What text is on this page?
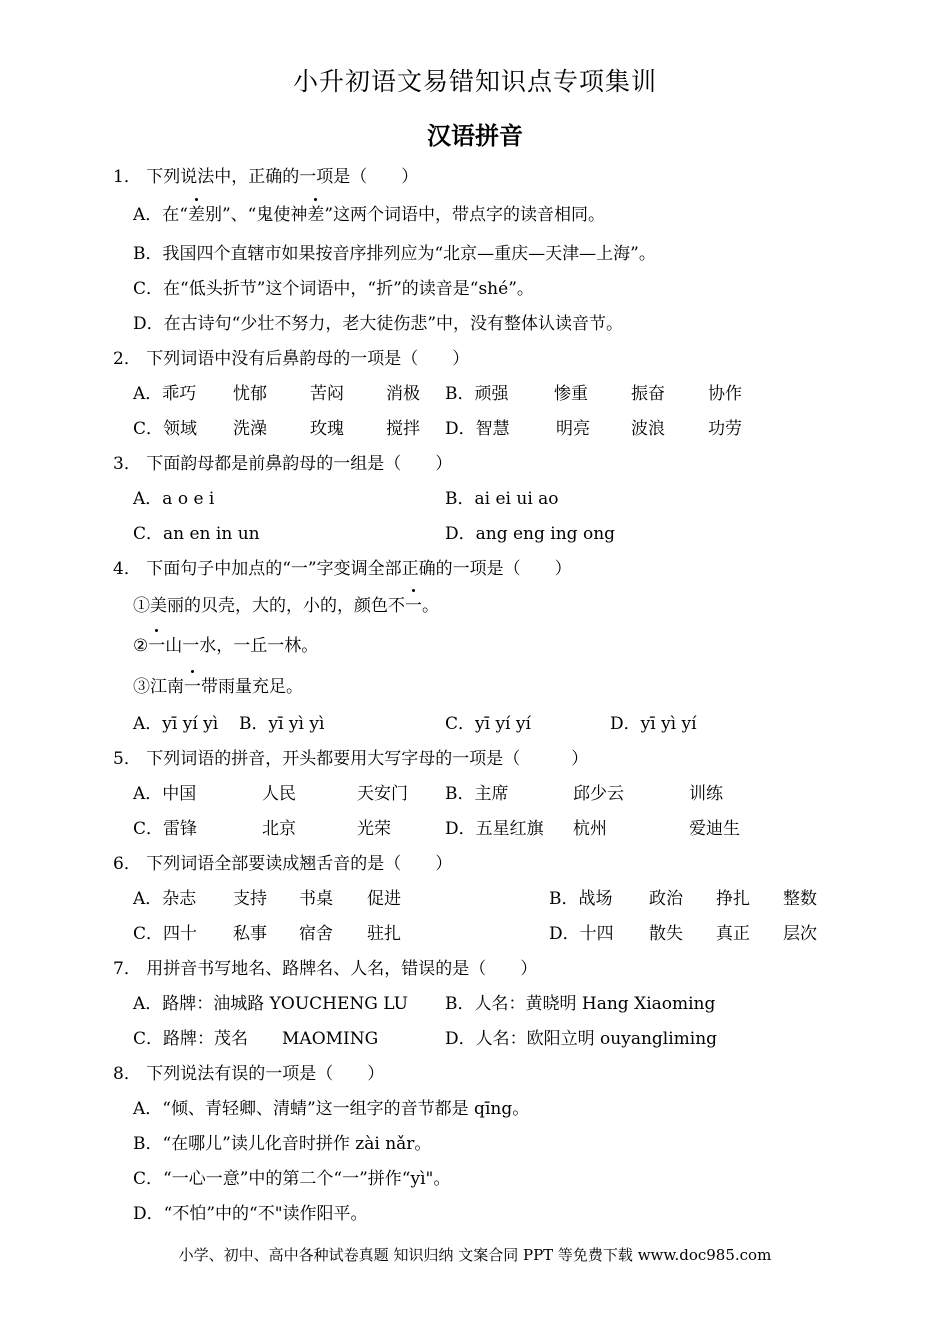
小升初语文易错知识点专项集训
汉语拼音
1． 下列说法中，正确的一项是（　　）
A．在“差别”、“鬼使神差”这两个词语中，带点字的读音相同。
B．我国四个直辖市如果按音序排列应为“北京—重庆—天津—上海”。
C．在“低头折节”这个词语中，“折”的读音是“shé”。
D．在古诗句“少壮不努力，老大徒伤悲”中，没有整体认读音节。
2． 下列词语中没有后鼻韵母的一项是（　　）
A．乖巧 忧郁	苦闷 消极 B．顽强	惨重	振奋	协作
C．领域 洗澡	玫瑰 搅拌 D．智慧	明亮 波浪	功劳
3． 下面韵母都是前鼻韵母的一组是（　　）
A．a o e i	B．ai ei ui ao
C．an en in un	D．ang eng ing ong
4． 下面句子中加点的“一”字变调全部正确的一项是（　　）
①美丽的贝壳，大的，小的，颜色不一。
②一山一水，一丘一林。
③江南一带雨量充足。
A．yī yí yì B．yī yì yì	C．yī yí yí	D．yī yì yí
5． 下列词语的拼音，开头都要用大写字母的一项是（　　　）
A．中国	人民	天安门 B．主席	邱少云	训练
C．雷锋	北京	光荣	D．五星红旗 杭州	爱迪生
6． 下列词语全部要读成翘舌音的是（　　）
A．杂志 支持 书桌 促进	B．战场 政治 挣扎 整数
C．四十 私事 宿舍 驻扎	D．十四 散失 真正 层次
7． 用拼音书写地名、路牌名、人名，错误的是（　　）
A．路牌：油城路 YOUCHENG LU B．人名：黄晓明 Hang Xiaoming
C．路牌：茂名　　MAOMING	D．人名：欧阳立明 ouyangliming
8． 下列说法有误的一项是（　　）
A．“倾、青轻卿、清蜻”这一组字的音节都是 qīng。
B．“在哪儿”读儿化音时拼作 zài nǎr。
C．“一心一意”中的第二个“一”拼作“yì"。
D．“不怕”中的“不"读作阳平。
小学、初中、高中各种试卷真题 知识归纳 文案合同 PPT 等免费下载 www.doc985.com
